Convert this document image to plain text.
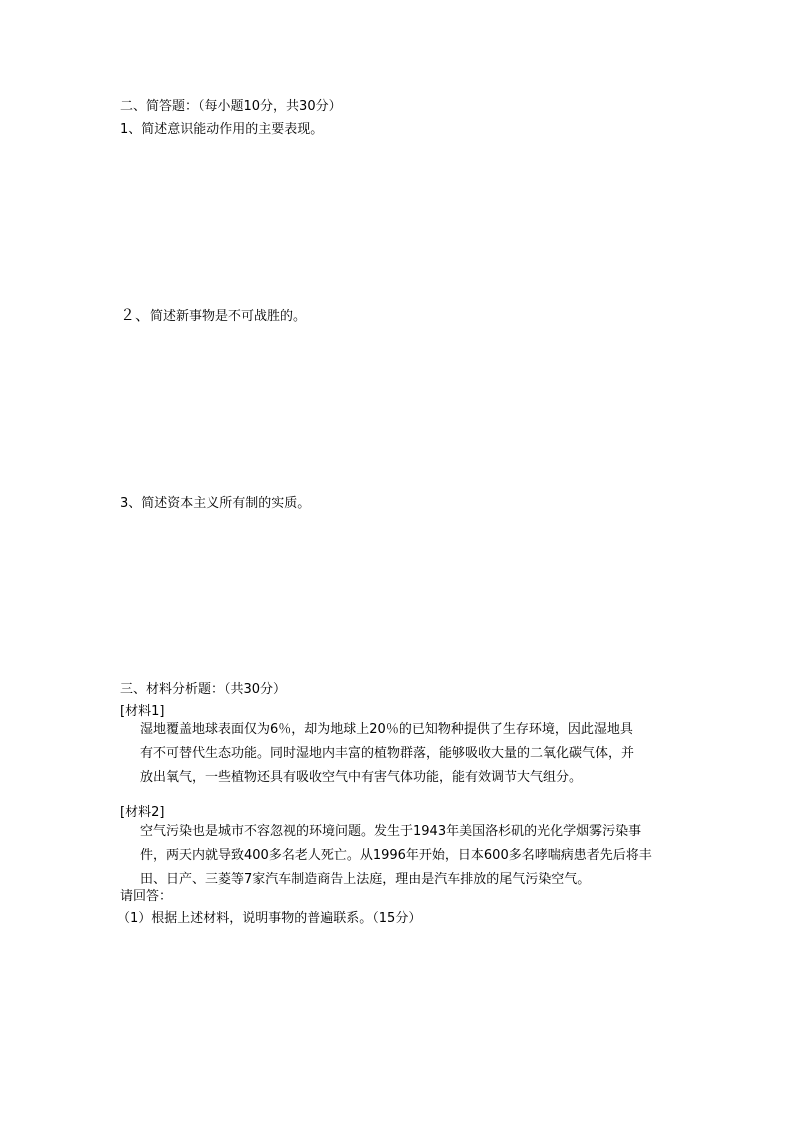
二、简答题：（每小题10分，共30分）
1、简述意识能动作用的主要表现。
２、简述新事物是不可战胜的。
3、简述资本主义所有制的实质。
三、材料分析题：（共30分）
[材料1]
湿地覆盖地球表面仅为6％，却为地球上20％的已知物种提供了生存环境，因此湿地具
有不可替代生态功能。同时湿地内丰富的植物群落，能够吸收大量的二氧化碳气体，并
放出氧气，一些植物还具有吸收空气中有害气体功能，能有效调节大气组分。
[材料2]
空气污染也是城市不容忽视的环境问题。发生于1943年美国洛杉矶的光化学烟雾污染事
件，两天内就导致400多名老人死亡。从1996年开始，日本600多名哮喘病患者先后将丰
田、日产、三菱等7家汽车制造商告上法庭，理由是汽车排放的尾气污染空气。
请回答：
（1）根据上述材料，说明事物的普遍联系。（15分）
